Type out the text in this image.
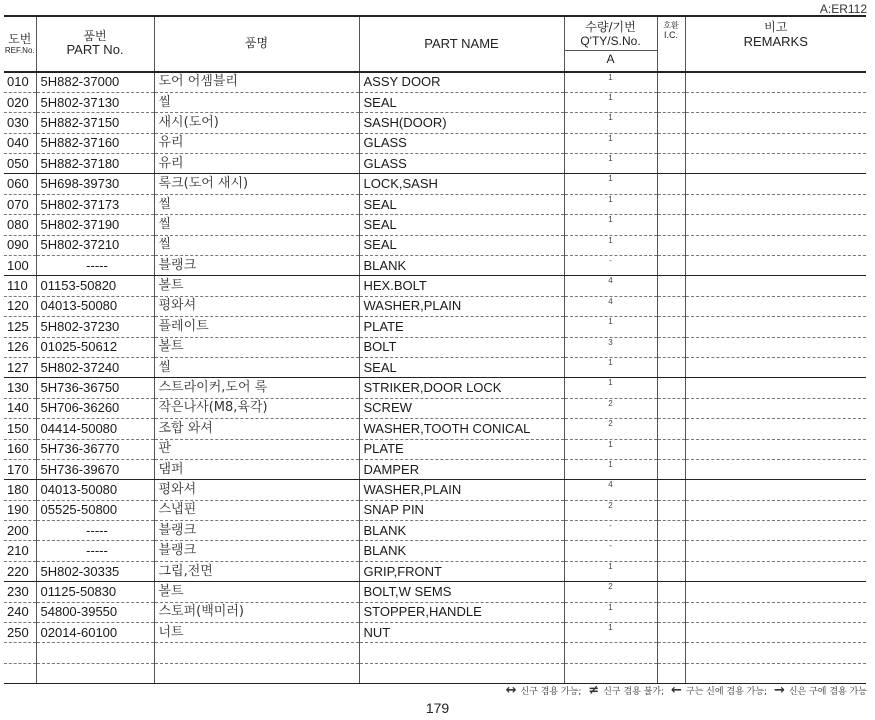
A:ER112
도번
REF.No.	품번
PART No.	품명	PART NAME	수량/기번
Q'TY/S.No.
A	호환
I.C.	비고
REMARKS

010	5H882-37000	도어 어셈블리	ASSY DOOR	1		
020	5H802-37130	씰	SEAL	1		
030	5H882-37150	새시(도어)	SASH(DOOR)	1		
040	5H882-37160	유리	GLASS	1		
050	5H882-37180	유리	GLASS	1		
060	5H698-39730	록크(도어 새시)	LOCK,SASH	1		
070	5H802-37173	씰	SEAL	1		
080	5H802-37190	씰	SEAL	1		
090	5H802-37210	씰	SEAL	1		
100	-----	블랭크	BLANK	-		
110	01153-50820	볼트	HEX.BOLT	4		
120	04013-50080	평와셔	WASHER,PLAIN	4		
125	5H802-37230	플레이트	PLATE	1		
126	01025-50612	볼트	BOLT	3		
127	5H802-37240	씰	SEAL	1		
130	5H736-36750	스트라이커,도어 록	STRIKER,DOOR LOCK	1		
140	5H706-36260	작은나사(M8,육각)	SCREW	2		
150	04414-50080	조합 와셔	WASHER,TOOTH CONICAL	2		
160	5H736-36770	판	PLATE	1		
170	5H736-39670	댐퍼	DAMPER	1		
180	04013-50080	평와셔	WASHER,PLAIN	4		
190	05525-50800	스냅핀	SNAP PIN	2		
200	-----	블랭크	BLANK	-		
210	-----	블랭크	BLANK	-		
220	5H802-30335	그립,전면	GRIP,FRONT	1		
230	01125-50830	볼트	BOLT,W SEMS	2		
240	54800-39550	스토퍼(백미러)	STOPPER,HANDLE	1		
250	02014-60100	너트	NUT	1		

↔ 신구 겸용 가능; ≠ 신구 겸용 불가; ← 구는 신에 겸용 가능; → 신은 구에 겸용 가능
179
